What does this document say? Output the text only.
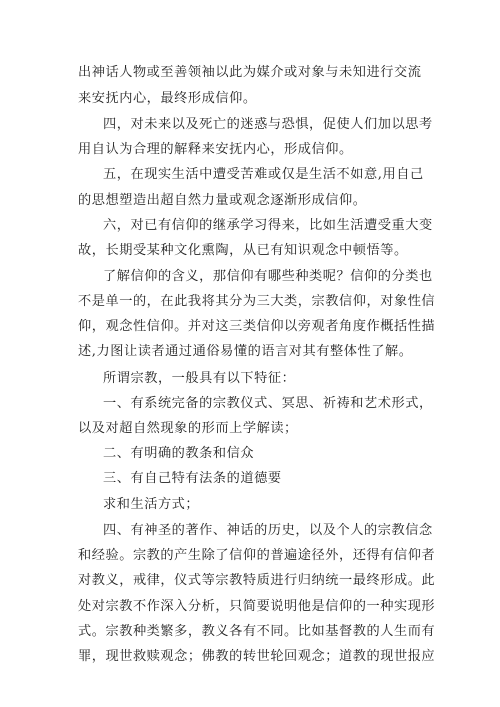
出神话人物或至善领袖以此为媒介或对象与未知进行交流
来安抚内心，最终形成信仰。
四，对未来以及死亡的迷惑与恐惧，促使人们加以思考
用自认为合理的解释来安抚内心，形成信仰。
五，在现实生活中遭受苦难或仅是生活不如意,用自己
的思想塑造出超自然力量或观念逐渐形成信仰。
六，对已有信仰的继承学习得来，比如生活遭受重大变
故，长期受某种文化熏陶，从已有知识观念中顿悟等。
了解信仰的含义，那信仰有哪些种类呢？信仰的分类也
不是单一的，在此我将其分为三大类，宗教信仰，对象性信
仰，观念性信仰。并对这三类信仰以旁观者角度作概括性描
述,力图让读者通过通俗易懂的语言对其有整体性了解。
所谓宗教，一般具有以下特征：
一、有系统完备的宗教仪式、冥思、祈祷和艺术形式，
以及对超自然现象的形而上学解读；
二、有明确的教条和信众
三、有自己特有法条的道德要
求和生活方式；
四、有神圣的著作、神话的历史，以及个人的宗教信念
和经验。宗教的产生除了信仰的普遍途径外，还得有信仰者
对教义，戒律，仪式等宗教特质进行归纳统一最终形成。此
处对宗教不作深入分析，只简要说明他是信仰的一种实现形
式。宗教种类繁多，教义各有不同。比如基督教的人生而有
罪，现世救赎观念；佛教的转世轮回观念；道教的现世报应
